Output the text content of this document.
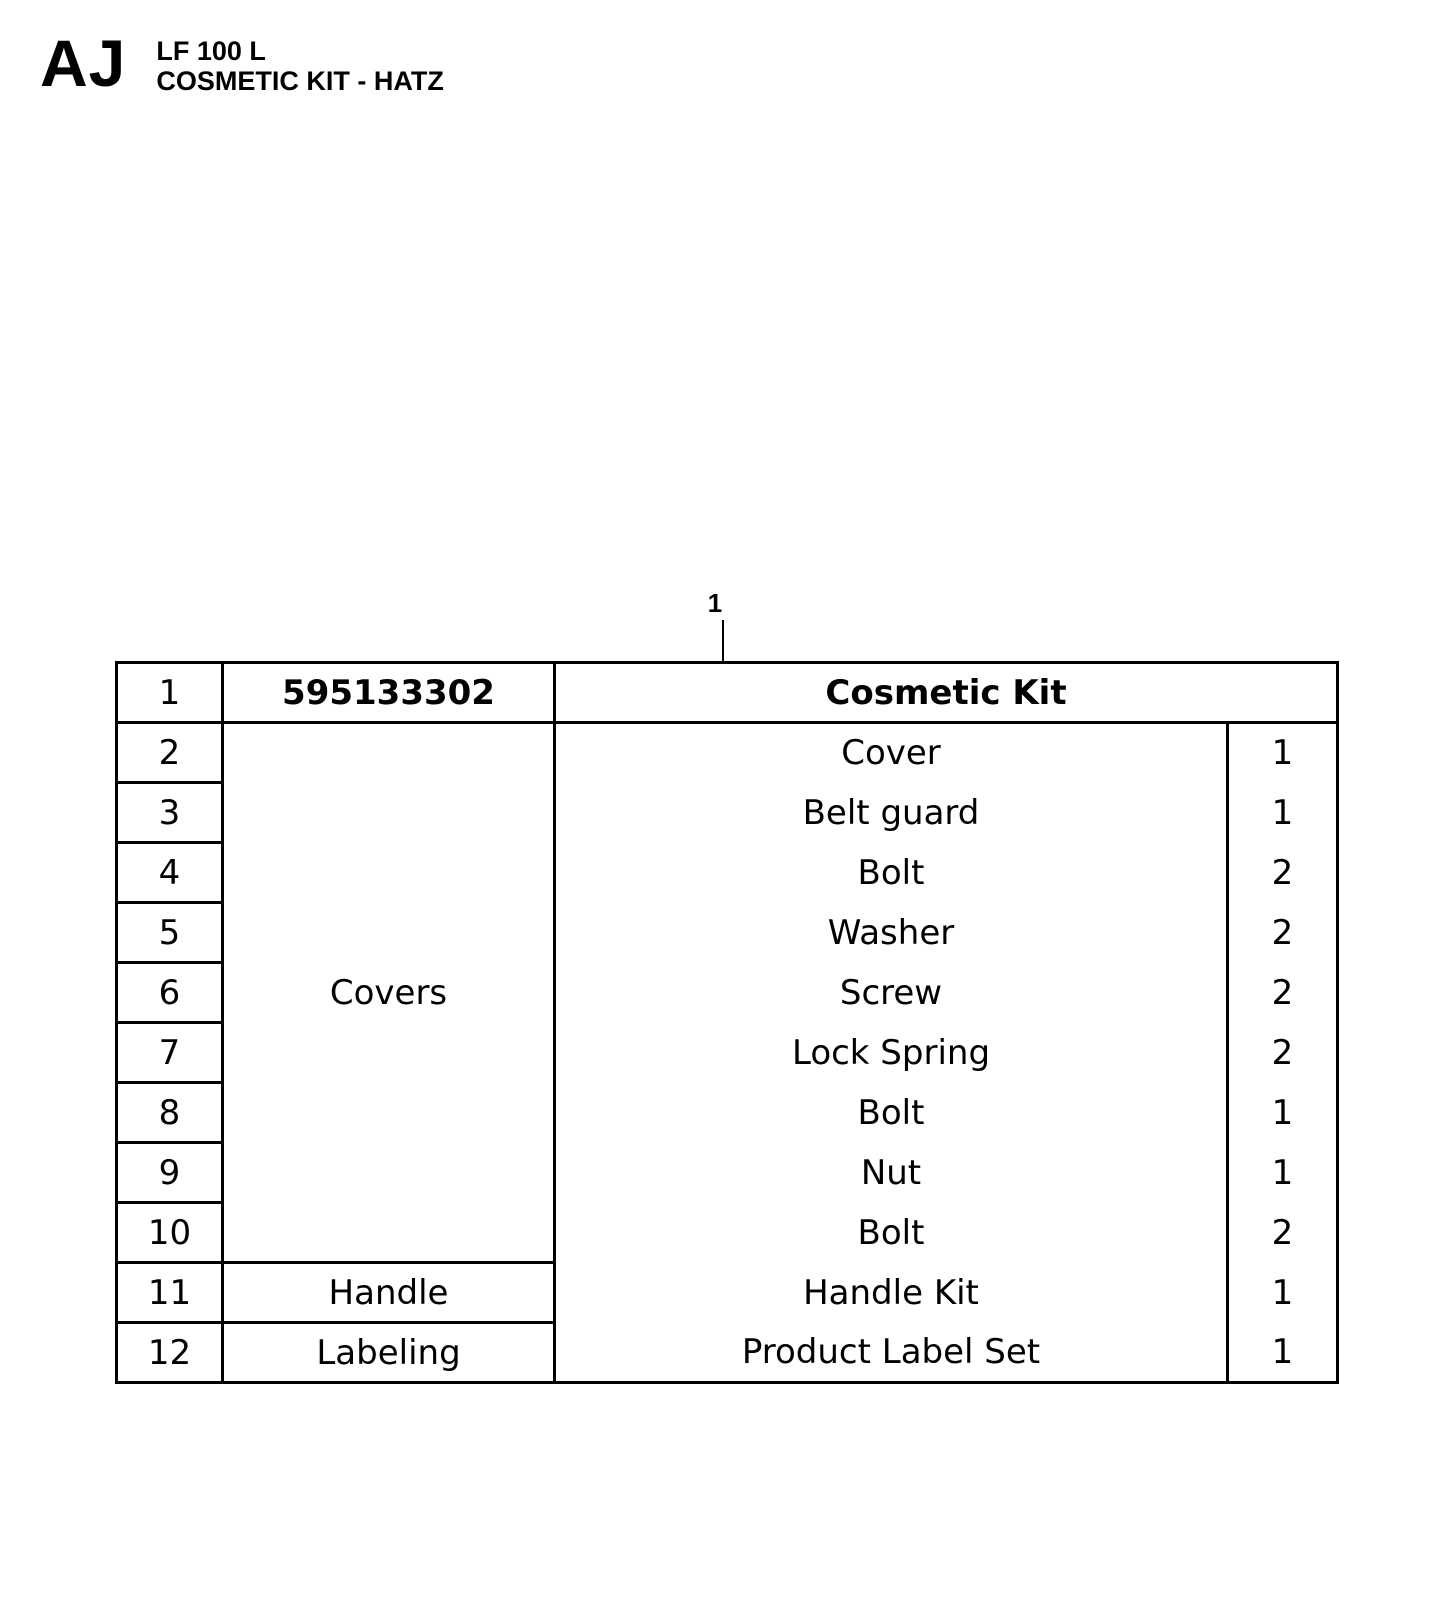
AJ LF 100 L
COSMETIC KIT - HATZ
1
1	595133302	Cosmetic Kit	
2	Covers	Cover	1
3		Belt guard	1
4		Bolt	2
5		Washer	2
6		Screw	2
7		Lock Spring	2
8		Bolt	1
9		Nut	1
10		Bolt	2
11	Handle	Handle Kit	1
12	Labeling	Product Label Set	1
